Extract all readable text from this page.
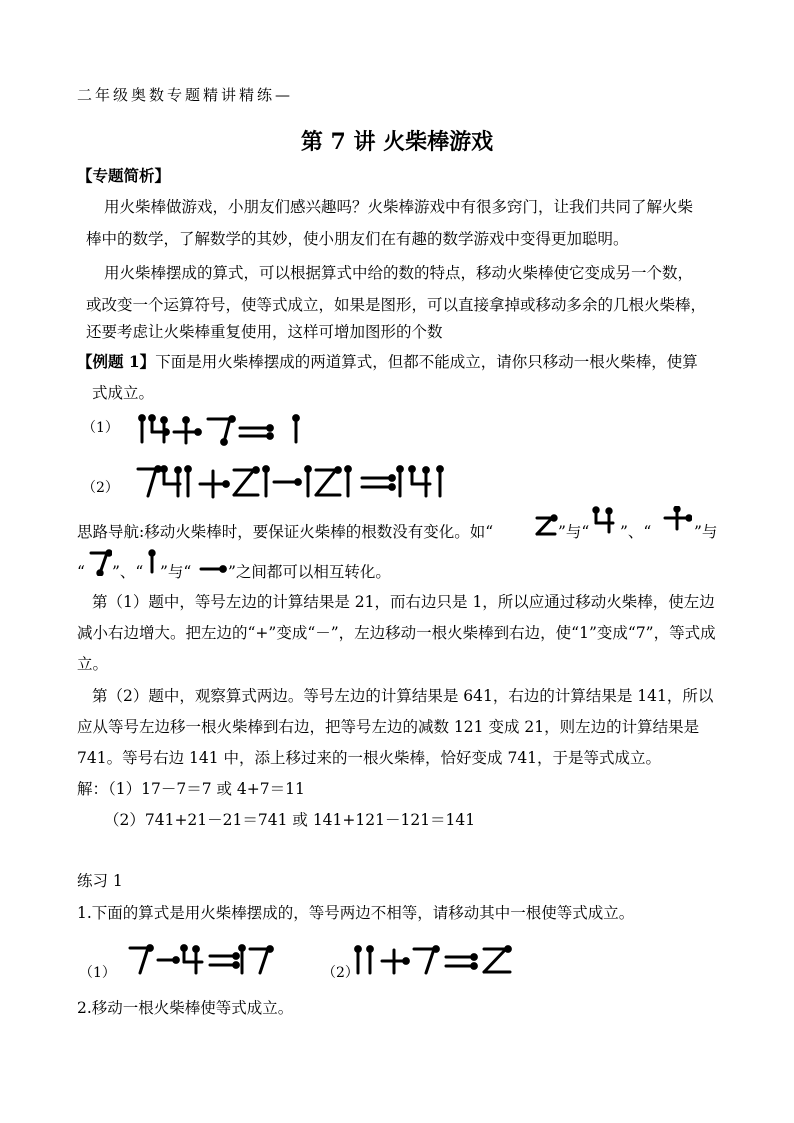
二年级奥数专题精讲精练—
第 7 讲 火柴棒游戏
【专题简析】
用火柴棒做游戏，小朋友们感兴趣吗？火柴棒游戏中有很多窍门，让我们共同了解火柴
棒中的数学，了解数学的其妙，使小朋友们在有趣的数学游戏中变得更加聪明。
用火柴棒摆成的算式，可以根据算式中给的数的特点，移动火柴棒使它变成另一个数，
或改变一个运算符号，使等式成立，如果是图形，可以直接拿掉或移动多余的几根火柴棒，
还要考虑让火柴棒重复使用，这样可增加图形的个数
【例题 1】下面是用火柴棒摆成的两道算式，但都不能成立，请你只移动一根火柴棒，使算
式成立。
（1）
（2）
思路导航:移动火柴棒时，要保证火柴棒的根数没有变化。如“	”与“ ”、“	”与
“ ”、“ ”与“ ”之间都可以相互转化。
第（1）题中，等号左边的计算结果是 21，而右边只是 1，所以应通过移动火柴棒，使左边
减小右边增大。把左边的“+”变成“－”，左边移动一根火柴棒到右边，使“1”变成“7”，等式成
立。
第（2）题中，观察算式两边。等号左边的计算结果是 641，右边的计算结果是 141，所以
应从等号左边移一根火柴棒到右边，把等号左边的减数 121 变成 21，则左边的计算结果是
741。等号右边 141 中，添上移过来的一根火柴棒，恰好变成 741，于是等式成立。
解：（1）17－7＝7 或 4+7＝11
（2）741+21－21＝741 或 141+121－121＝141
练习 1
1.下面的算式是用火柴棒摆成的，等号两边不相等，请移动其中一根使等式成立。
（1）	（2）
2.移动一根火柴棒使等式成立。
